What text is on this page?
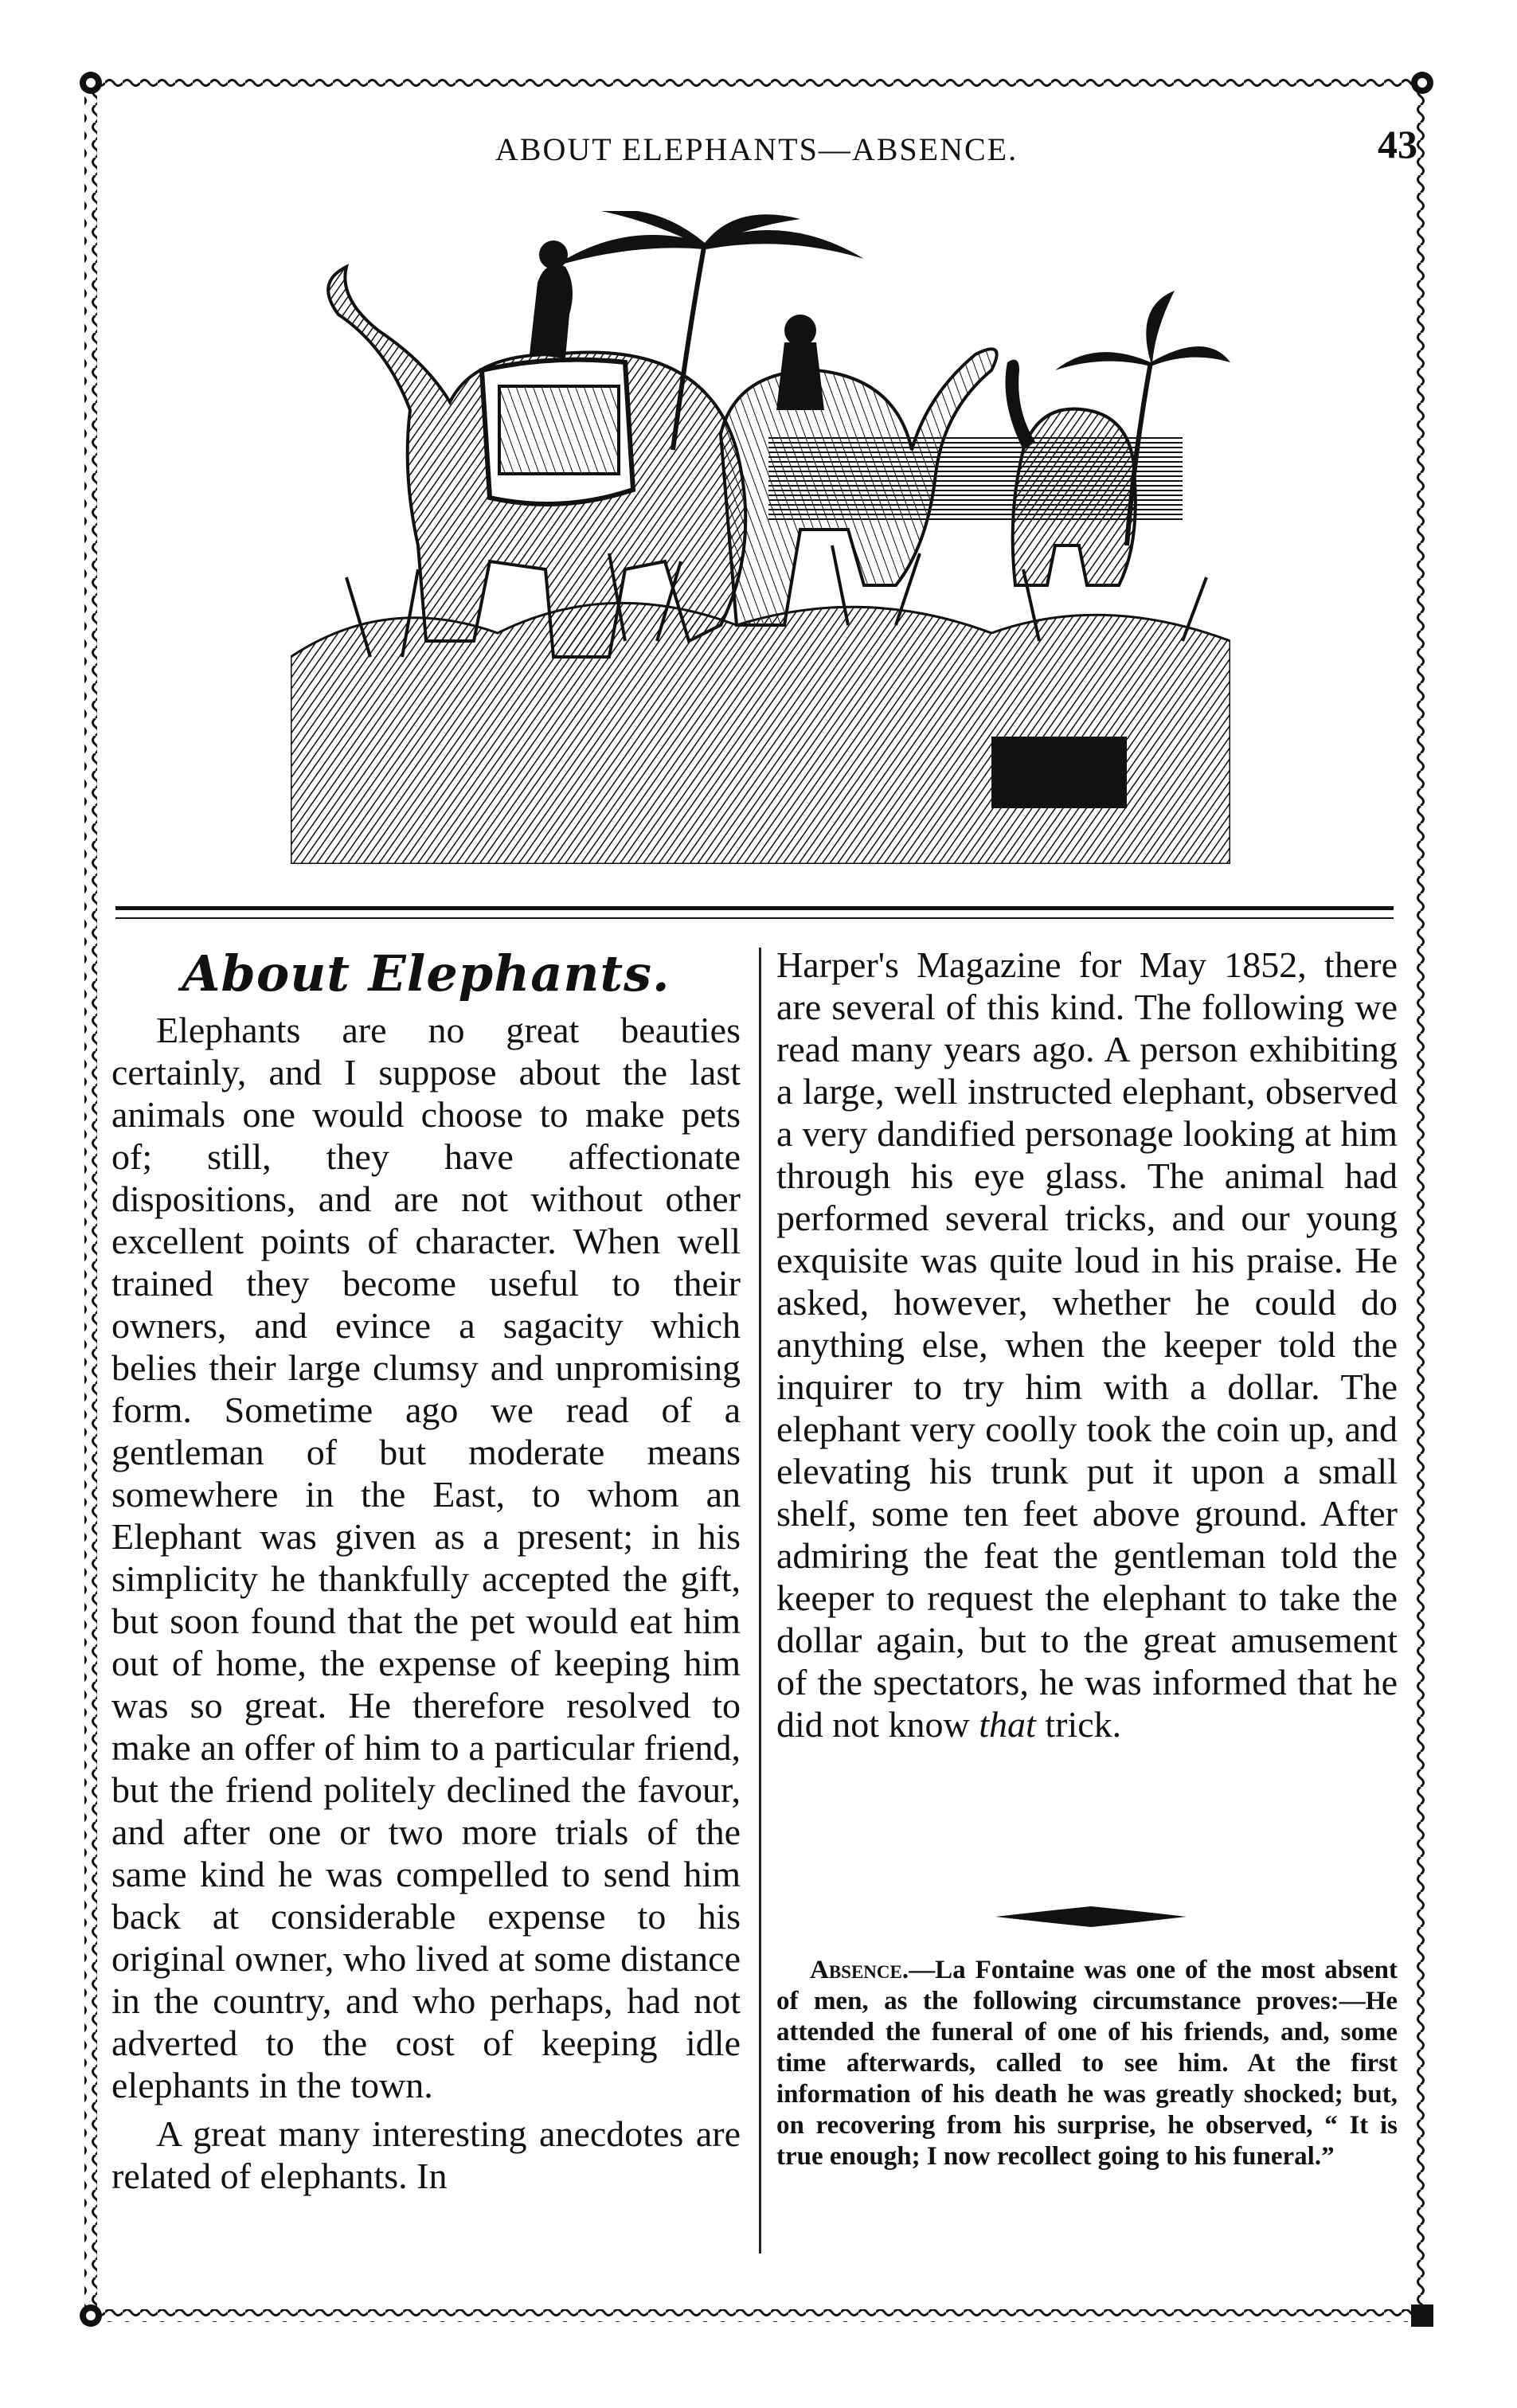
ABOUT ELEPHANTS—ABSENCE.	43
About Elephants.

Elephants are no great beauties certainly, and I suppose about the last animals one would choose to make pets of; still, they have affectionate dispositions, and are not without other excellent points of character. When well trained they become useful to their owners, and evince a sagacity which belies their large clumsy and unpromising form. Sometime ago we read of a gentleman of but moderate means somewhere in the East, to whom an Elephant was given as a present; in his simplicity he thankfully accepted the gift, but soon found that the pet would eat him out of home, the expense of keeping him was so great. He therefore resolved to make an offer of him to a particular friend, but the friend politely declined the favour, and after one or two more trials of the same kind he was compelled to send him back at considerable expense to his original owner, who lived at some distance in the country, and who perhaps, had not adverted to the cost of keeping idle elephants in the town.

A great many interesting anecdotes are related of elephants. In

Harper's Magazine for May 1852, there are several of this kind. The following we read many years ago. A person exhibiting a large, well instructed elephant, observed a very dandified personage looking at him through his eye glass. The animal had performed several tricks, and our young exquisite was quite loud in his praise. He asked, however, whether he could do anything else, when the keeper told the inquirer to try him with a dollar. The elephant very coolly took the coin up, and elevating his trunk put it upon a small shelf, some ten feet above ground. After admiring the feat the gentleman told the keeper to request the elephant to take the dollar again, but to the great amusement of the spectators, he was informed that he did not know that trick.

Absence.—La Fontaine was one of the most absent of men, as the following circumstance proves:—He attended the funeral of one of his friends, and, some time afterwards, called to see him. At the first information of his death he was greatly shocked; but, on recovering from his surprise, he observed, “ It is true enough; I now recollect going to his funeral.”
